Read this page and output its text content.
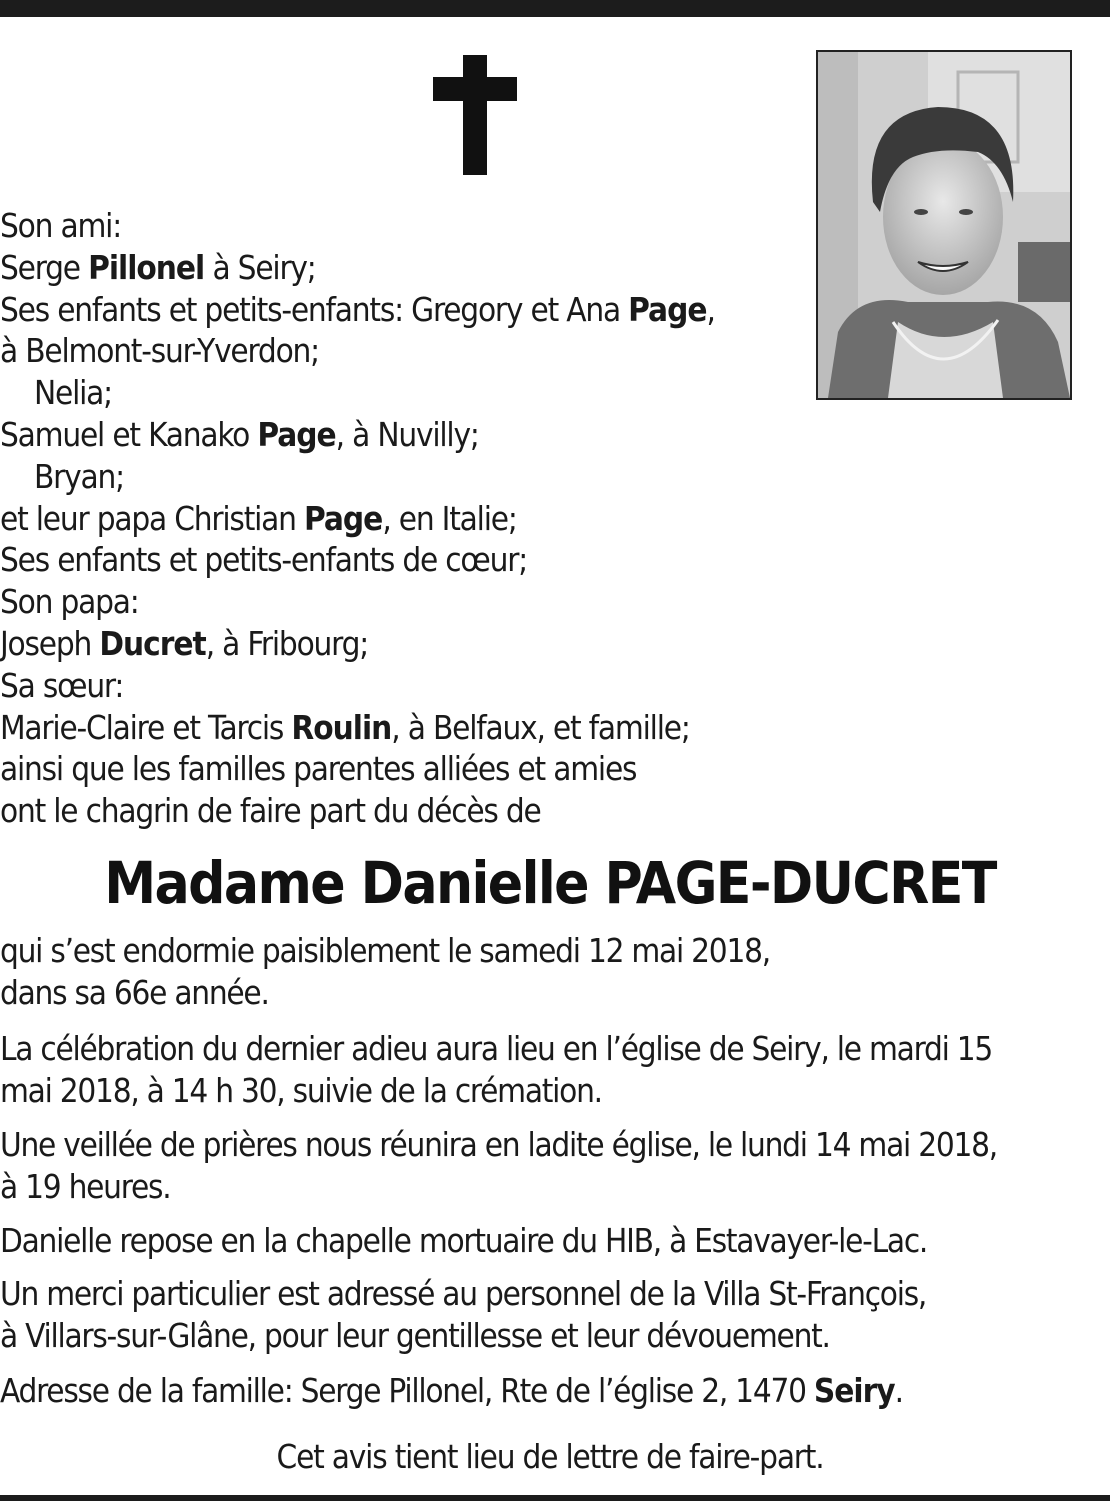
Son ami:
Serge Pillonel à Seiry;
Ses enfants et petits-enfants: Gregory et Ana Page,
à Belmont-sur-Yverdon;
Nelia;
Samuel et Kanako Page, à Nuvilly;
Bryan;
et leur papa Christian Page, en Italie;
Ses enfants et petits-enfants de cœur;
Son papa:
Joseph Ducret, à Fribourg;
Sa sœur:
Marie-Claire et Tarcis Roulin, à Belfaux, et famille;
ainsi que les familles parentes alliées et amies
ont le chagrin de faire part du décès de
Madame Danielle PAGE-DUCRET
qui s’est endormie paisiblement le samedi 12 mai 2018,
dans sa 66e année.
La célébration du dernier adieu aura lieu en l’église de Seiry, le mardi 15
mai 2018, à 14 h 30, suivie de la crémation.
Une veillée de prières nous réunira en ladite église, le lundi 14 mai 2018,
à 19 heures.
Danielle repose en la chapelle mortuaire du HIB, à Estavayer-le-Lac.
Un merci particulier est adressé au personnel de la Villa St-François,
à Villars-sur-Glâne, pour leur gentillesse et leur dévouement.
Adresse de la famille: Serge Pillonel, Rte de l’église 2, 1470 Seiry.
Cet avis tient lieu de lettre de faire-part.
